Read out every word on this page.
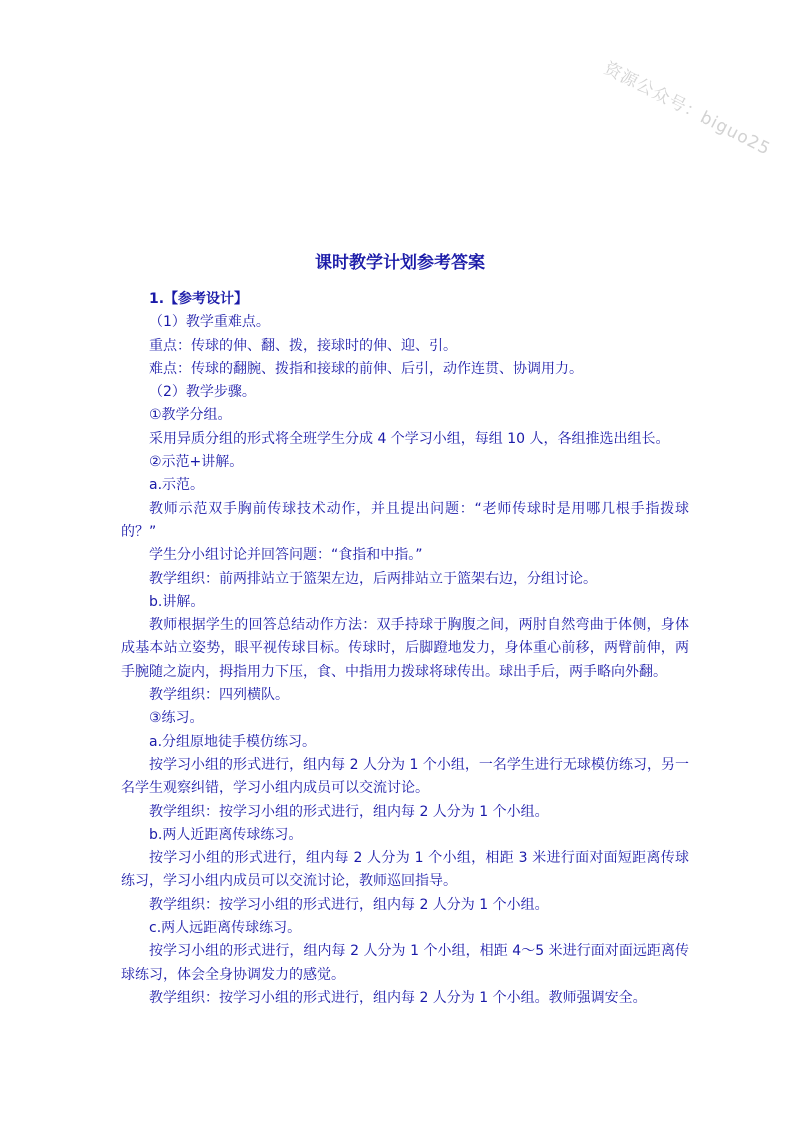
资源公众号：biguo25
课时教学计划参考答案

1.【参考设计】

（1）教学重难点。

重点：传球的伸、翻、拨，接球时的伸、迎、引。

难点：传球的翻腕、拨指和接球的前伸、后引，动作连贯、协调用力。

（2）教学步骤。

①教学分组。

采用异质分组的形式将全班学生分成 4 个学习小组，每组 10 人，各组推选出组长。

②示范+讲解。

a.示范。

教师示范双手胸前传球技术动作，并且提出问题：“老师传球时是用哪几根手指拨球的？”

学生分小组讨论并回答问题：“食指和中指。”

教学组织：前两排站立于篮架左边，后两排站立于篮架右边，分组讨论。

b.讲解。

教师根据学生的回答总结动作方法：双手持球于胸腹之间，两肘自然弯曲于体侧，身体成基本站立姿势，眼平视传球目标。传球时，后脚蹬地发力，身体重心前移，两臂前伸，两手腕随之旋内，拇指用力下压，食、中指用力拨球将球传出。球出手后，两手略向外翻。

教学组织：四列横队。

③练习。

a.分组原地徒手模仿练习。

按学习小组的形式进行，组内每 2 人分为 1 个小组，一名学生进行无球模仿练习，另一名学生观察纠错，学习小组内成员可以交流讨论。

教学组织：按学习小组的形式进行，组内每 2 人分为 1 个小组。

b.两人近距离传球练习。

按学习小组的形式进行，组内每 2 人分为 1 个小组，相距 3 米进行面对面短距离传球练习，学习小组内成员可以交流讨论，教师巡回指导。

教学组织：按学习小组的形式进行，组内每 2 人分为 1 个小组。

c.两人远距离传球练习。

按学习小组的形式进行，组内每 2 人分为 1 个小组，相距 4～5 米进行面对面远距离传球练习，体会全身协调发力的感觉。

教学组织：按学习小组的形式进行，组内每 2 人分为 1 个小组。教师强调安全。
